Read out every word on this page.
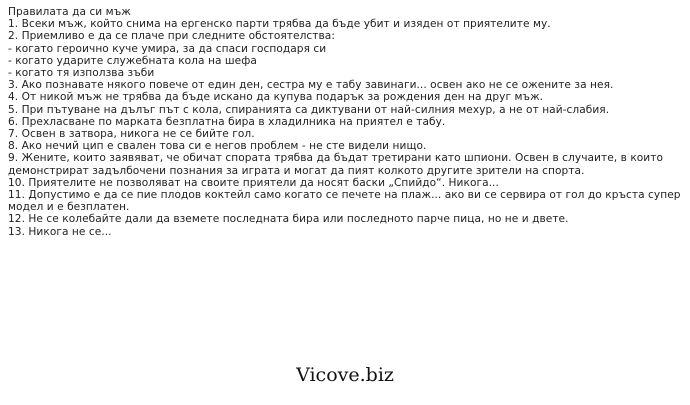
Правилата да си мъж
1. Всеки мъж, който снима на ергенско парти трябва да бъде убит и изяден от приятелите му.
2. Приемливо е да се плаче при следните обстоятелства:
- когато героично куче умира, за да спаси господаря си
- когато ударите служебната кола на шефа
- когато тя използва зъби
3. Ако познавате някого повече от един ден, сестра му е табу завинаги... освен ако не се ожените за нея.
4. От никой мъж не трябва да бъде искано да купува подарък за рождения ден на друг мъж.
5. При пътуване на дълъг път с кола, спиранията са диктувани от най-силния мехур, а не от най-слабия.
6. Прехласване по марката безплатна бира в хладилника на приятел е табу.
7. Освен в затвора, никога не се бийте гол.
8. Ако нечий цип е свален това си е негов проблем - не сте видели нищо.
9. Жените, които заявяват, че обичат спората трябва да бъдат третирани като шпиони. Освен в случаите, в които демонстрират задълбочени познания за играта и могат да пият колкото другите зрители на спорта.
10. Приятелите не позволяват на своите приятели да носят баски „Спийдо“. Никога...
11. Допустимо е да се пие плодов коктейл само когато се печете на плаж... ако ви се сервира от гол до кръста супер модел и е безплатен.
12. Не се колебайте дали да вземете последната бира или последното парче пица, но не и двете.
13. Никога не се...
Vicove.biz
